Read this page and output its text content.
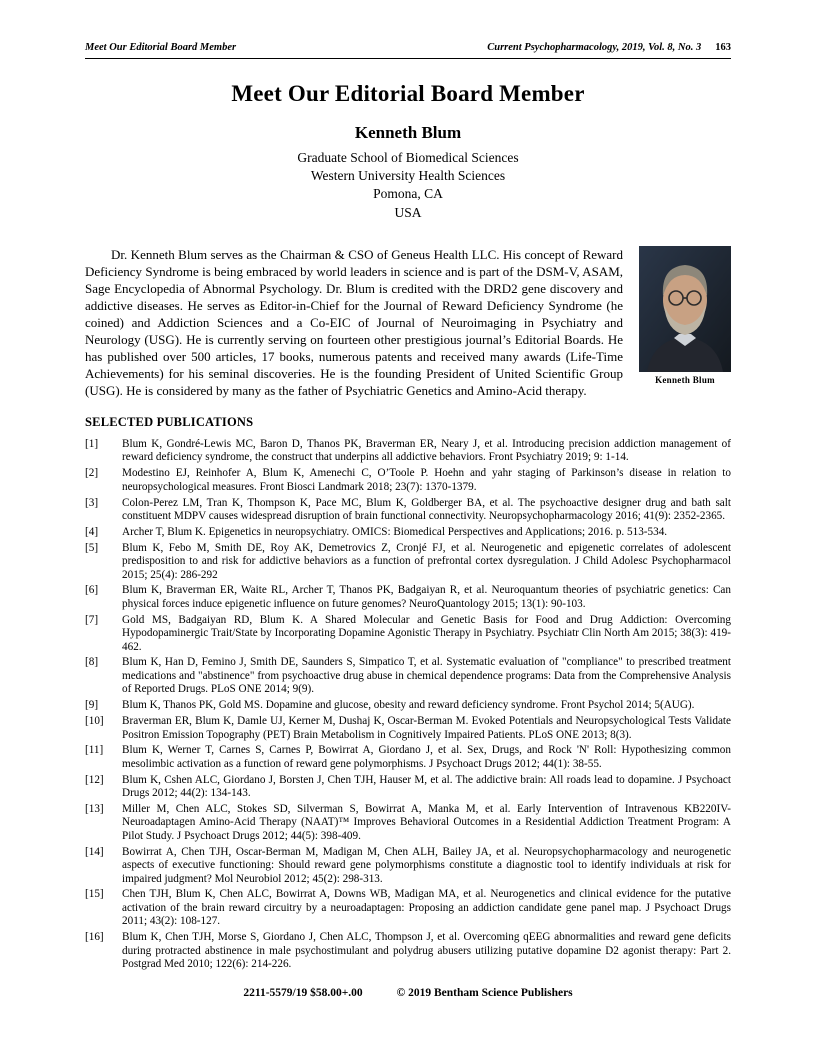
Meet Our Editorial Board Member	Current Psychopharmacology, 2019, Vol. 8, No. 3 163
Meet Our Editorial Board Member
Kenneth Blum
Graduate School of Biomedical Sciences
Western University Health Sciences
Pomona, CA
USA
Kenneth Blum
Dr. Kenneth Blum serves as the Chairman & CSO of Geneus Health LLC. His concept of Reward Deficiency Syndrome is being embraced by world leaders in science and is part of the DSM-V, ASAM, Sage Encyclopedia of Abnormal Psychology. Dr. Blum is credited with the DRD2 gene discovery and addictive diseases. He serves as Editor-in-Chief for the Journal of Reward Deficiency Syndrome (he coined) and Addiction Sciences and a Co-EIC of Journal of Neuroimaging in Psychiatry and Neurology (USG). He is currently serving on fourteen other prestigious journal’s Editorial Boards. He has published over 500 articles, 17 books, numerous patents and received many awards (Life-Time Achievements) for his seminal discoveries. He is the founding President of United Scientific Group (USG). He is considered by many as the father of Psychiatric Genetics and Amino-Acid therapy.
SELECTED PUBLICATIONS
[1]	Blum K, Gondré-Lewis MC, Baron D, Thanos PK, Braverman ER, Neary J, et al. Introducing precision addiction management of reward deficiency syndrome, the construct that underpins all addictive behaviors. Front Psychiatry 2019; 9: 1-14.
[2]	Modestino EJ, Reinhofer A, Blum K, Amenechi C, O’Toole P. Hoehn and yahr staging of Parkinson’s disease in relation to neuropsychological measures. Front Biosci Landmark 2018; 23(7): 1370-1379.
[3]	Colon-Perez LM, Tran K, Thompson K, Pace MC, Blum K, Goldberger BA, et al. The psychoactive designer drug and bath salt constituent MDPV causes widespread disruption of brain functional connectivity. Neuropsychopharmacology 2016; 41(9): 2352-2365.
[4]	Archer T, Blum K. Epigenetics in neuropsychiatry. OMICS: Biomedical Perspectives and Applications; 2016. p. 513-534.
[5]	Blum K, Febo M, Smith DE, Roy AK, Demetrovics Z, Cronjé FJ, et al. Neurogenetic and epigenetic correlates of adolescent predisposition to and risk for addictive behaviors as a function of prefrontal cortex dysregulation. J Child Adolesc Psychopharmacol 2015; 25(4): 286-292
[6]	Blum K, Braverman ER, Waite RL, Archer T, Thanos PK, Badgaiyan R, et al. Neuroquantum theories of psychiatric genetics: Can physical forces induce epigenetic influence on future genomes? NeuroQuantology 2015; 13(1): 90-103.
[7]	Gold MS, Badgaiyan RD, Blum K. A Shared Molecular and Genetic Basis for Food and Drug Addiction: Overcoming Hypodopaminergic Trait/State by Incorporating Dopamine Agonistic Therapy in Psychiatry. Psychiatr Clin North Am 2015; 38(3): 419-462.
[8]	Blum K, Han D, Femino J, Smith DE, Saunders S, Simpatico T, et al. Systematic evaluation of "compliance" to prescribed treatment medications and "abstinence" from psychoactive drug abuse in chemical dependence programs: Data from the Comprehensive Analysis of Reported Drugs. PLoS ONE 2014; 9(9).
[9]	Blum K, Thanos PK, Gold MS. Dopamine and glucose, obesity and reward deficiency syndrome. Front Psychol 2014; 5(AUG).
[10]	Braverman ER, Blum K, Damle UJ, Kerner M, Dushaj K, Oscar-Berman M. Evoked Potentials and Neuropsychological Tests Validate Positron Emission Topography (PET) Brain Metabolism in Cognitively Impaired Patients. PLoS ONE 2013; 8(3).
[11]	Blum K, Werner T, Carnes S, Carnes P, Bowirrat A, Giordano J, et al. Sex, Drugs, and Rock 'N' Roll: Hypothesizing common mesolimbic activation as a function of reward gene polymorphisms. J Psychoact Drugs 2012; 44(1): 38-55.
[12]	Blum K, Cshen ALC, Giordano J, Borsten J, Chen TJH, Hauser M, et al. The addictive brain: All roads lead to dopamine. J Psychoact Drugs 2012; 44(2): 134-143.
[13]	Miller M, Chen ALC, Stokes SD, Silverman S, Bowirrat A, Manka M, et al. Early Intervention of Intravenous KB220IV-Neuroadaptagen Amino-Acid Therapy (NAAT)™ Improves Behavioral Outcomes in a Residential Addiction Treatment Program: A Pilot Study. J Psychoact Drugs 2012; 44(5): 398-409.
[14]	Bowirrat A, Chen TJH, Oscar-Berman M, Madigan M, Chen ALH, Bailey JA, et al. Neuropsychopharmacology and neurogenetic aspects of executive functioning: Should reward gene polymorphisms constitute a diagnostic tool to identify individuals at risk for impaired judgment? Mol Neurobiol 2012; 45(2): 298-313.
[15]	Chen TJH, Blum K, Chen ALC, Bowirrat A, Downs WB, Madigan MA, et al. Neurogenetics and clinical evidence for the putative activation of the brain reward circuitry by a neuroadaptagen: Proposing an addiction candidate gene panel map. J Psychoact Drugs 2011; 43(2): 108-127.
[16]	Blum K, Chen TJH, Morse S, Giordano J, Chen ALC, Thompson J, et al. Overcoming qEEG abnormalities and reward gene deficits during protracted abstinence in male psychostimulant and polydrug abusers utilizing putative dopamine D2 agonist therapy: Part 2. Postgrad Med 2010; 122(6): 214-226.
2211-5579/19 $58.00+.00	© 2019 Bentham Science Publishers
